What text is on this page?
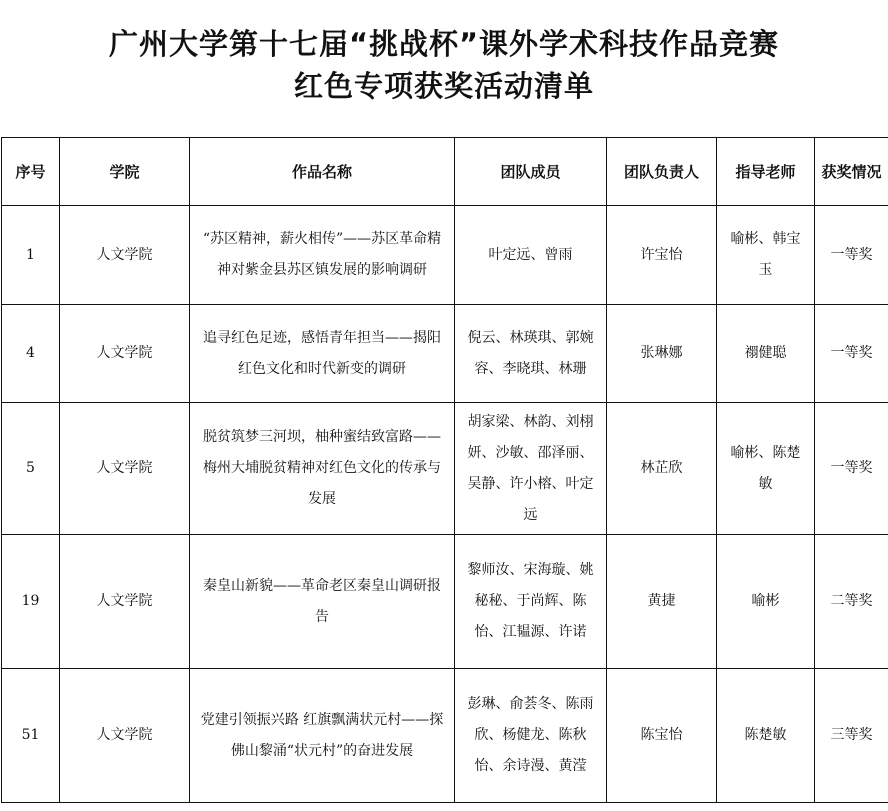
广州大学第十七届“挑战杯”课外学术科技作品竞赛
红色专项获奖活动清单
序号	学院	作品名称	团队成员	团队负责人	指导老师	获奖情况
1	人文学院	“苏区精神，薪火相传”——苏区革命精神对紫金县苏区镇发展的影响调研	叶定远、曾雨	许宝怡	喻彬、韩宝玉	一等奖
4	人文学院	追寻红色足迹，感悟青年担当——揭阳红色文化和时代新变的调研	倪云、林瑛琪、郭婉容、李晓琪、林珊	张琳娜	禤健聪	一等奖
5	人文学院	脱贫筑梦三河坝，柚种蜜结致富路——梅州大埔脱贫精神对红色文化的传承与发展	胡家梁、林韵、刘栩妍、沙敏、邵泽丽、吴静、许小榕、叶定远	林芷欣	喻彬、陈楚敏	一等奖
19	人文学院	秦皇山新貌——革命老区秦皇山调研报告	黎师汝、宋海璇、姚秘秘、于尚辉、陈怡、江韫源、许诺	黄捷	喻彬	二等奖
51	人文学院	党建引领振兴路 红旗飘满状元村——探佛山黎涌“状元村”的奋进发展	彭琳、俞荟冬、陈雨欣、杨健龙、陈秋怡、余诗漫、黄滢	陈宝怡	陈楚敏	三等奖
